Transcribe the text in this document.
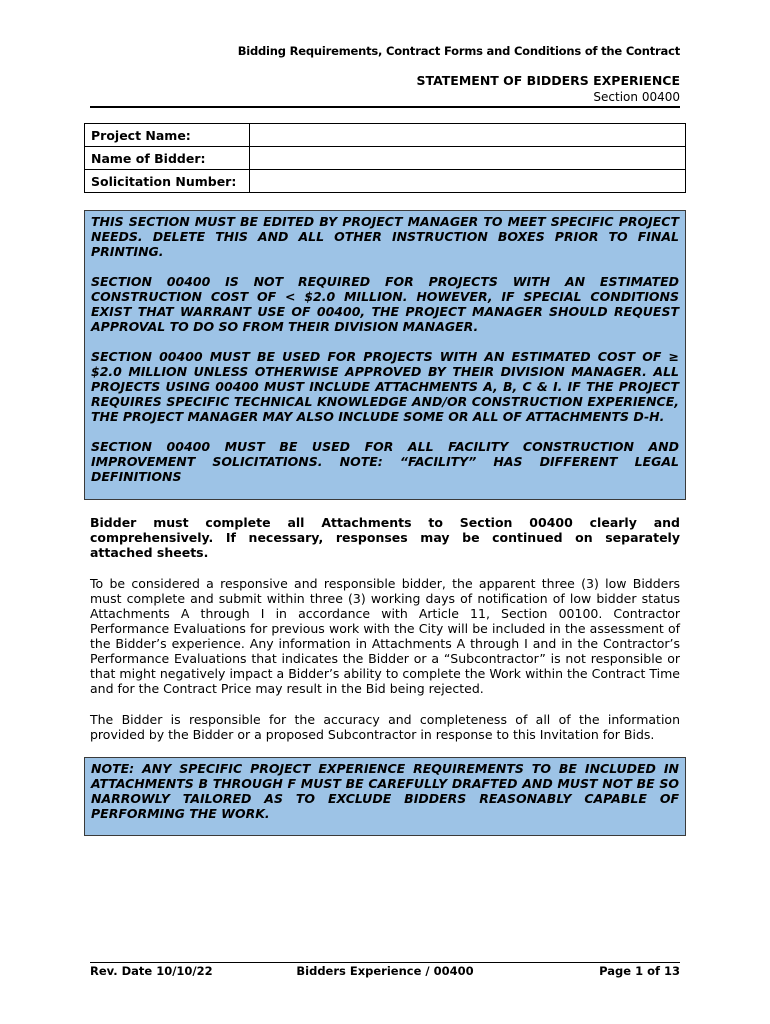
Bidding Requirements, Contract Forms and Conditions of the Contract
STATEMENT OF BIDDERS EXPERIENCE
Section 00400
Project Name:	
Name of Bidder:	
Solicitation Number:	

THIS SECTION MUST BE EDITED BY PROJECT MANAGER TO MEET SPECIFIC PROJECT NEEDS. DELETE THIS AND ALL OTHER INSTRUCTION BOXES PRIOR TO FINAL PRINTING.

SECTION 00400 IS NOT REQUIRED FOR PROJECTS WITH AN ESTIMATED CONSTRUCTION COST OF < $2.0 MILLION. HOWEVER, IF SPECIAL CONDITIONS EXIST THAT WARRANT USE OF 00400, THE PROJECT MANAGER SHOULD REQUEST APPROVAL TO DO SO FROM THEIR DIVISION MANAGER.

SECTION 00400 MUST BE USED FOR PROJECTS WITH AN ESTIMATED COST OF ≥ $2.0 MILLION UNLESS OTHERWISE APPROVED BY THEIR DIVISION MANAGER. ALL PROJECTS USING 00400 MUST INCLUDE ATTACHMENTS A, B, C & I. IF THE PROJECT REQUIRES SPECIFIC TECHNICAL KNOWLEDGE AND/OR CONSTRUCTION EXPERIENCE, THE PROJECT MANAGER MAY ALSO INCLUDE SOME OR ALL OF ATTACHMENTS D-H.

SECTION 00400 MUST BE USED FOR ALL FACILITY CONSTRUCTION AND IMPROVEMENT SOLICITATIONS. NOTE: “FACILITY” HAS DIFFERENT LEGAL DEFINITIONS

Bidder must complete all Attachments to Section 00400 clearly and comprehensively. If necessary, responses may be continued on separately attached sheets.

To be considered a responsive and responsible bidder, the apparent three (3) low Bidders must complete and submit within three (3) working days of notification of low bidder status Attachments A through I in accordance with Article 11, Section 00100. Contractor Performance Evaluations for previous work with the City will be included in the assessment of the Bidder’s experience. Any information in Attachments A through I and in the Contractor’s Performance Evaluations that indicates the Bidder or a “Subcontractor” is not responsible or that might negatively impact a Bidder’s ability to complete the Work within the Contract Time and for the Contract Price may result in the Bid being rejected.

The Bidder is responsible for the accuracy and completeness of all of the information provided by the Bidder or a proposed Subcontractor in response to this Invitation for Bids.

NOTE: ANY SPECIFIC PROJECT EXPERIENCE REQUIREMENTS TO BE INCLUDED IN ATTACHMENTS B THROUGH F MUST BE CAREFULLY DRAFTED AND MUST NOT BE SO NARROWLY TAILORED AS TO EXCLUDE BIDDERS REASONABLY CAPABLE OF PERFORMING THE WORK.

Rev. Date 10/10/22	Bidders Experience / 00400	Page 1 of 13
